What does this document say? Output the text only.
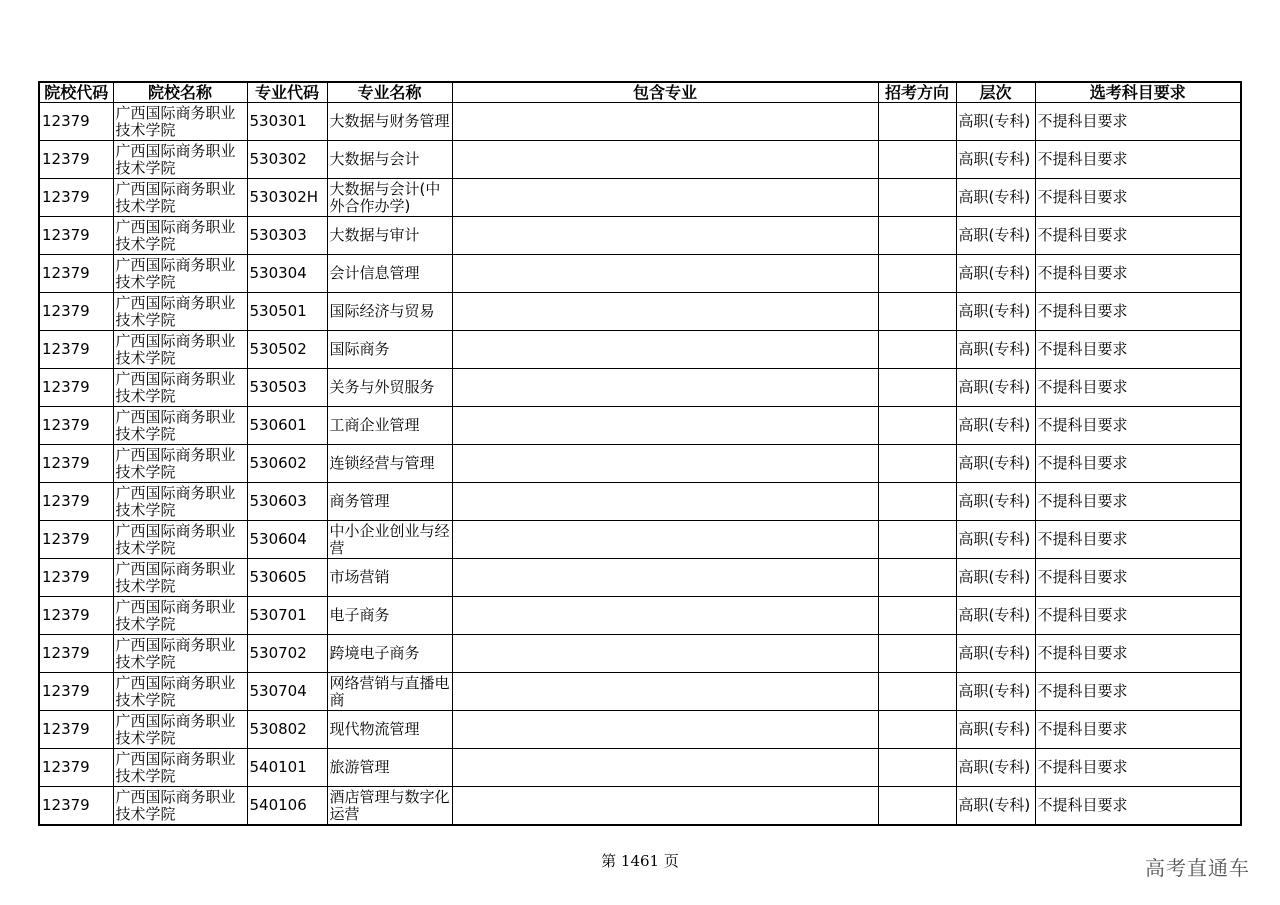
院校代码	院校名称	专业代码	专业名称	包含专业	招考方向	层次	选考科目要求
12379	广西国际商务职业技术学院	530301	大数据与财务管理			高职(专科)	不提科目要求
12379	广西国际商务职业技术学院	530302	大数据与会计			高职(专科)	不提科目要求
12379	广西国际商务职业技术学院	530302H	大数据与会计(中外合作办学)			高职(专科)	不提科目要求
12379	广西国际商务职业技术学院	530303	大数据与审计			高职(专科)	不提科目要求
12379	广西国际商务职业技术学院	530304	会计信息管理			高职(专科)	不提科目要求
12379	广西国际商务职业技术学院	530501	国际经济与贸易			高职(专科)	不提科目要求
12379	广西国际商务职业技术学院	530502	国际商务			高职(专科)	不提科目要求
12379	广西国际商务职业技术学院	530503	关务与外贸服务			高职(专科)	不提科目要求
12379	广西国际商务职业技术学院	530601	工商企业管理			高职(专科)	不提科目要求
12379	广西国际商务职业技术学院	530602	连锁经营与管理			高职(专科)	不提科目要求
12379	广西国际商务职业技术学院	530603	商务管理			高职(专科)	不提科目要求
12379	广西国际商务职业技术学院	530604	中小企业创业与经营			高职(专科)	不提科目要求
12379	广西国际商务职业技术学院	530605	市场营销			高职(专科)	不提科目要求
12379	广西国际商务职业技术学院	530701	电子商务			高职(专科)	不提科目要求
12379	广西国际商务职业技术学院	530702	跨境电子商务			高职(专科)	不提科目要求
12379	广西国际商务职业技术学院	530704	网络营销与直播电商			高职(专科)	不提科目要求
12379	广西国际商务职业技术学院	530802	现代物流管理			高职(专科)	不提科目要求
12379	广西国际商务职业技术学院	540101	旅游管理			高职(专科)	不提科目要求
12379	广西国际商务职业技术学院	540106	酒店管理与数字化运营			高职(专科)	不提科目要求
第 1461 页	高考直通车
